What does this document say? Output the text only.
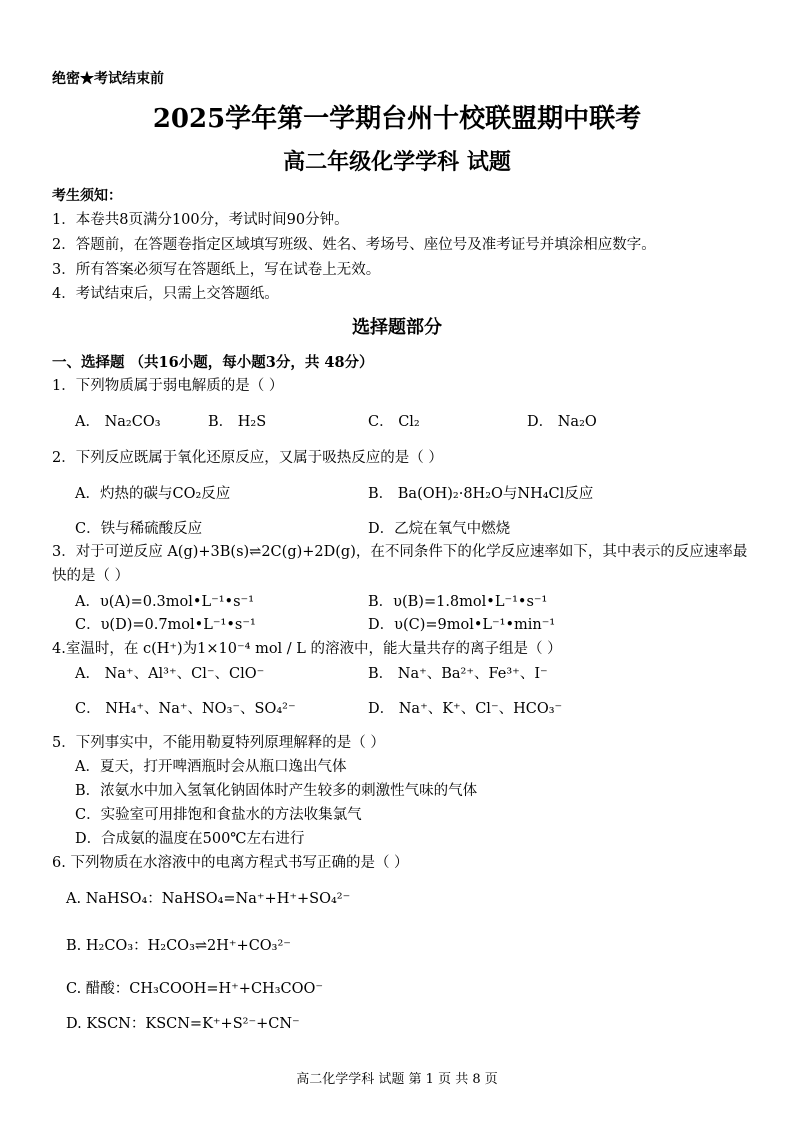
绝密★考试结束前
2025学年第一学期台州十校联盟期中联考
高二年级化学学科 试题
考生须知：
1．本卷共8页满分100分，考试时间90分钟。
2．答题前，在答题卷指定区域填写班级、姓名、考场号、座位号及准考证号并填涂相应数字。
3．所有答案必须写在答题纸上，写在试卷上无效。
4．考试结束后，只需上交答题纸。
选择题部分
一、选择题 （共16小题，每小题3分，共 48分）
1．下列物质属于弱电解质的是（ ）
A． Na₂CO₃	B． H₂S	C． Cl₂	D． Na₂O
2．下列反应既属于氧化还原反应，又属于吸热反应的是（ ）
A．灼热的碳与CO₂反应	B． Ba(OH)₂·8H₂O与NH₄Cl反应
C．铁与稀硫酸反应	D．乙烷在氧气中燃烧
3．对于可逆反应 A(g)+3B(s)⇌2C(g)+2D(g)，在不同条件下的化学反应速率如下，其中表示的反应速率最快的是（ ）
A．υ(A)=0.3mol•L⁻¹•s⁻¹	B．υ(B)=1.8mol•L⁻¹•s⁻¹
C．υ(D)=0.7mol•L⁻¹•s⁻¹	D．υ(C)=9mol•L⁻¹•min⁻¹
4.室温时，在 c(H⁺)为1×10⁻⁴ mol / L 的溶液中，能大量共存的离子组是（ ）
A． Na⁺、Al³⁺、Cl⁻、ClO⁻	B． Na⁺、Ba²⁺、Fe³⁺、I⁻
C． NH₄⁺、Na⁺、NO₃⁻、SO₄²⁻	D． Na⁺、K⁺、Cl⁻、HCO₃⁻
5．下列事实中，不能用勒夏特列原理解释的是（ ）
A．夏天，打开啤酒瓶时会从瓶口逸出气体
B．浓氨水中加入氢氧化钠固体时产生较多的刺激性气味的气体
C．实验室可用排饱和食盐水的方法收集氯气
D．合成氨的温度在500℃左右进行
6. 下列物质在水溶液中的电离方程式书写正确的是（ ）
A. NaHSO₄：NaHSO₄=Na⁺+H⁺+SO₄²⁻
B. H₂CO₃：H₂CO₃⇌2H⁺+CO₃²⁻
C. 醋酸：CH₃COOH=H⁺+CH₃COO⁻
D. KSCN：KSCN=K⁺+S²⁻+CN⁻
高二化学学科 试题 第 1 页 共 8 页
